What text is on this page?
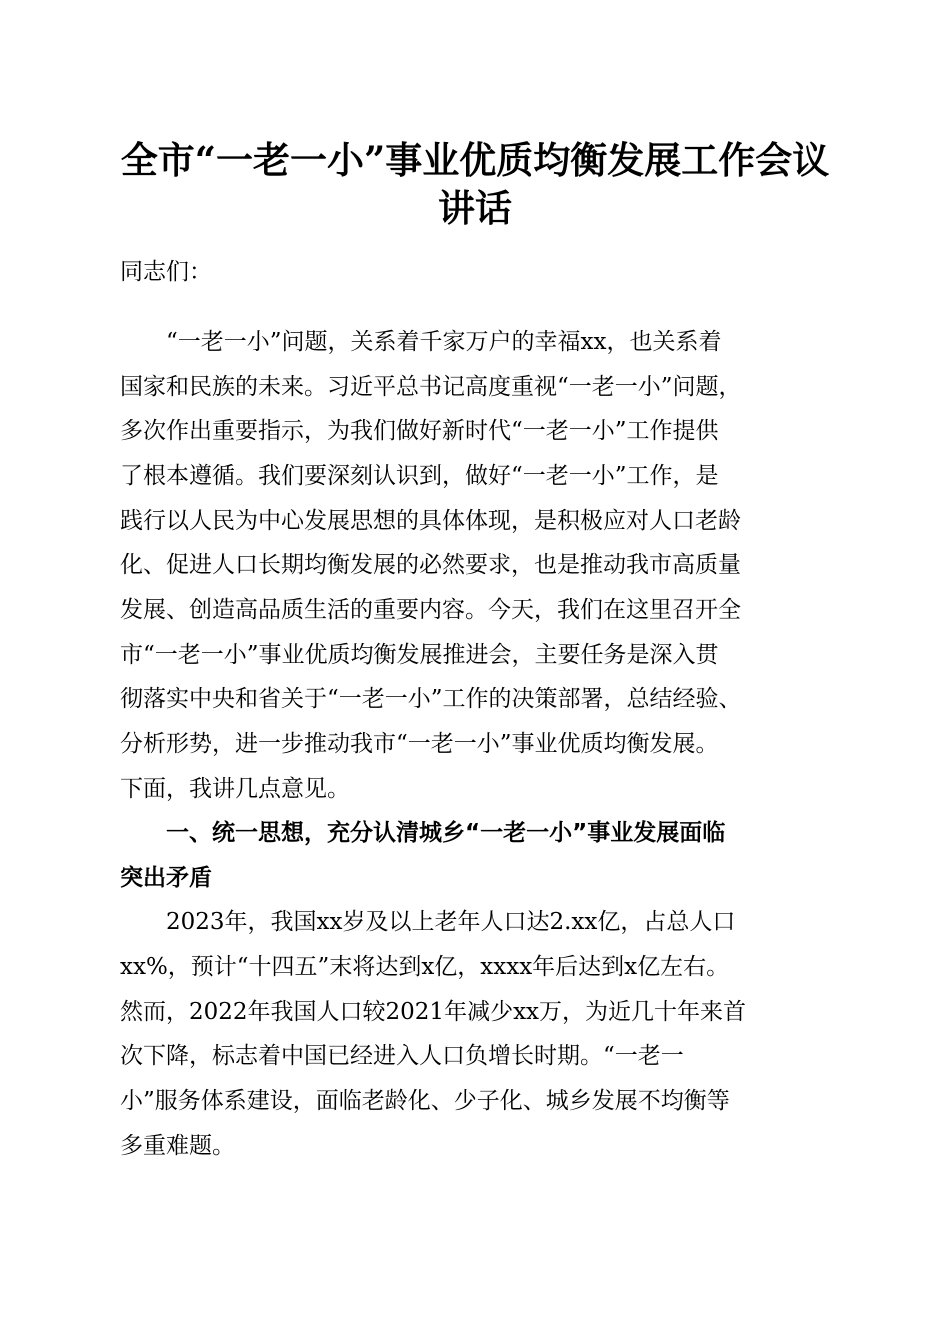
全市“一老一小”事业优质均衡发展工作会议
讲话
同志们：
“一老一小”问题，关系着千家万户的幸福xx，也关系着
国家和民族的未来。习近平总书记高度重视“一老一小”问题，
多次作出重要指示，为我们做好新时代“一老一小”工作提供
了根本遵循。我们要深刻认识到，做好“一老一小”工作，是
践行以人民为中心发展思想的具体体现，是积极应对人口老龄
化、促进人口长期均衡发展的必然要求，也是推动我市高质量
发展、创造高品质生活的重要内容。今天，我们在这里召开全
市“一老一小”事业优质均衡发展推进会，主要任务是深入贯
彻落实中央和省关于“一老一小”工作的决策部署，总结经验、
分析形势，进一步推动我市“一老一小”事业优质均衡发展。
下面，我讲几点意见。
一、统一思想，充分认清城乡“一老一小”事业发展面临
突出矛盾
2023年，我国xx岁及以上老年人口达2.xx亿，占总人口
xx%，预计“十四五”末将达到x亿，xxxx年后达到x亿左右。
然而，2022年我国人口较2021年减少xx万，为近几十年来首
次下降，标志着中国已经进入人口负增长时期。“一老一
小”服务体系建设，面临老龄化、少子化、城乡发展不均衡等
多重难题。
